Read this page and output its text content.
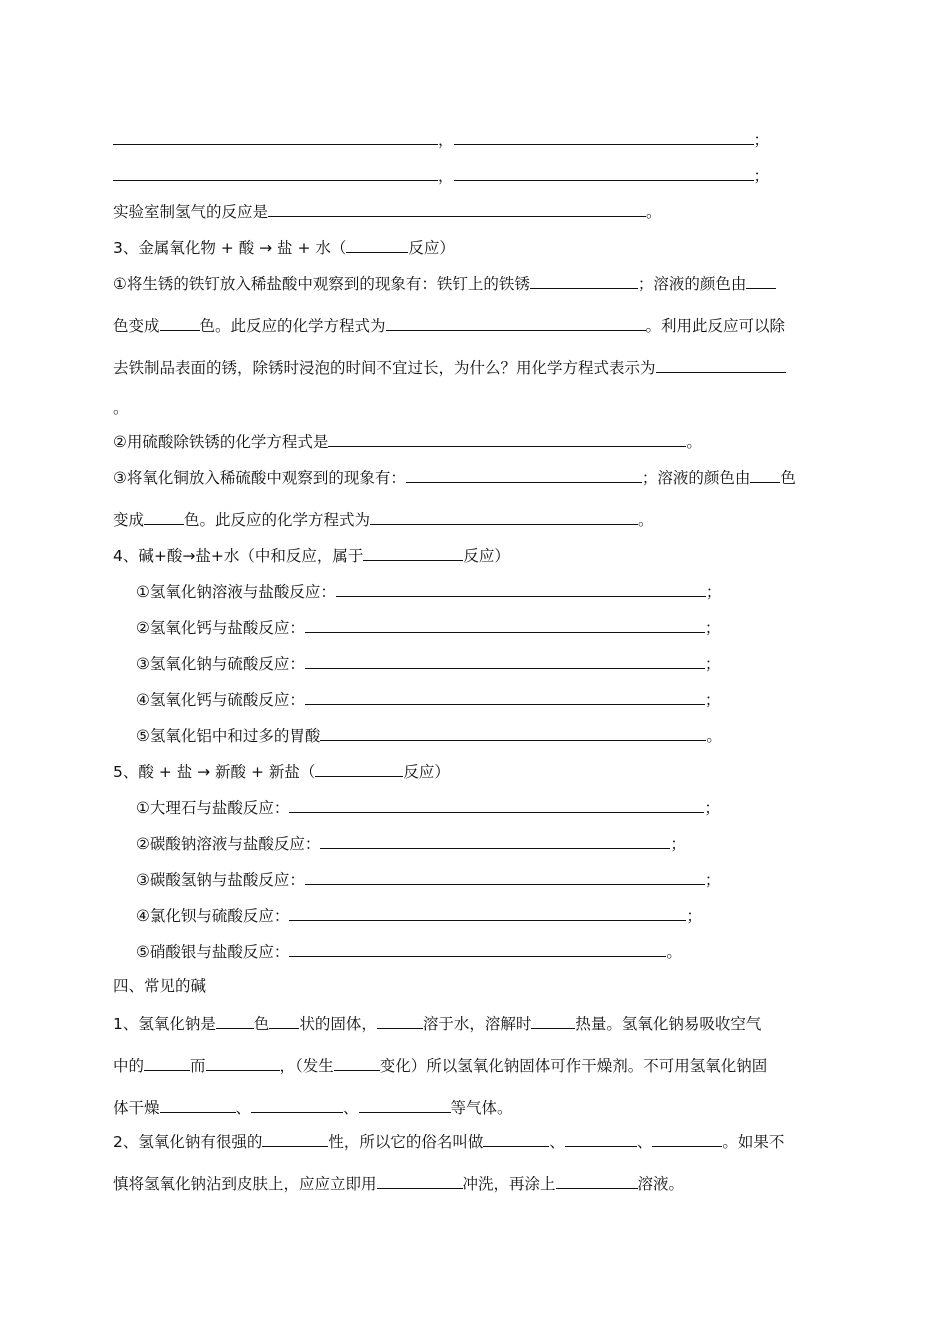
，	；
，	；
实验室制氢气的反应是	。
3、金属氧化物 + 酸 → 盐 + 水（	反应）
①将生锈的铁钉放入稀盐酸中观察到的现象有：铁钉上的铁锈	；溶液的颜色由
色变成	色。此反应的化学方程式为	。利用此反应可以除
去铁制品表面的锈，除锈时浸泡的时间不宜过长，为什么？用化学方程式表示为
。
②用硫酸除铁锈的化学方程式是	。
③将氧化铜放入稀硫酸中观察到的现象有：	；溶液的颜色由 色
变成	色。此反应的化学方程式为	。
4、碱+酸→盐+水（中和反应，属于	反应）
①氢氧化钠溶液与盐酸反应：	；
②氢氧化钙与盐酸反应：	；
③氢氧化钠与硫酸反应：	；
④氢氧化钙与硫酸反应：	；
⑤氢氧化铝中和过多的胃酸	。
5、酸 + 盐 → 新酸 + 新盐（	反应）
①大理石与盐酸反应：	；
②碳酸钠溶液与盐酸反应：	；
③碳酸氢钠与盐酸反应：	；
④氯化钡与硫酸反应：	；
⑤硝酸银与盐酸反应：	。
四、常见的碱
1、氢氧化钠是 色 状的固体，	溶于水，溶解时	热量。氢氧化钠易吸收空气
中的	而	，（发生	变化）所以氢氧化钠固体可作干燥剂。不可用氢氧化钠固
体干燥	、	、	等气体。
2、氢氧化钠有很强的	性，所以它的俗名叫做	、	、	。如果不
慎将氢氧化钠沾到皮肤上，应应立即用	冲洗，再涂上	溶液。
